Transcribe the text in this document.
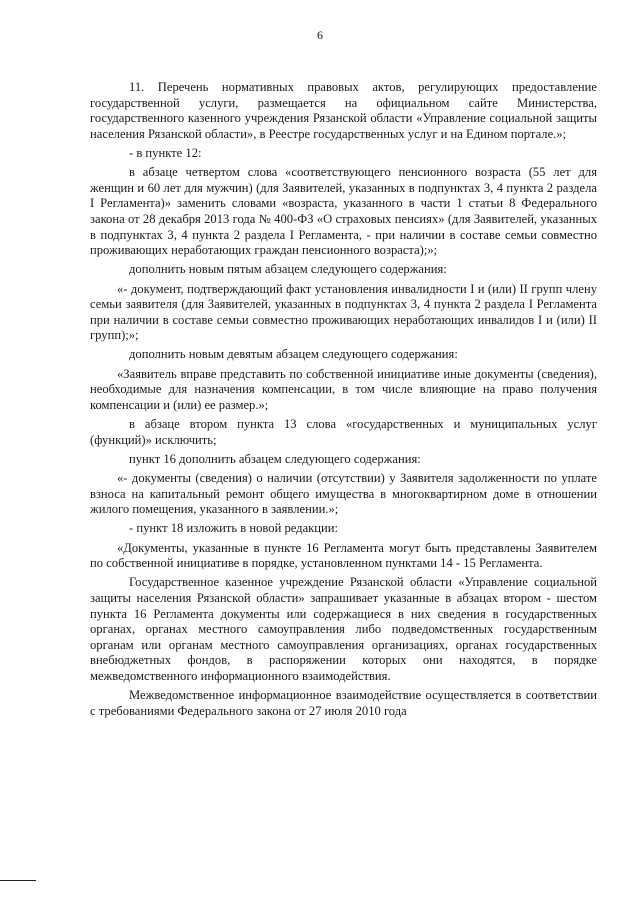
6

11. Перечень нормативных правовых актов, регулирующих предоставление государственной услуги, размещается на официальном сайте Министерства, государственного казенного учреждения Рязанской области «Управление социальной защиты населения Рязанской области», в Реестре государственных услуг и на Едином портале.»;

- в пункте 12:

в абзаце четвертом слова «соответствующего пенсионного возраста (55 лет для женщин и 60 лет для мужчин) (для Заявителей, указанных в подпунктах 3, 4 пункта 2 раздела I Регламента)» заменить словами «возраста, указанного в части 1 статьи 8 Федерального закона от 28 декабря 2013 года № 400-ФЗ «О страховых пенсиях» (для Заявителей, указанных в подпунктах 3, 4 пункта 2 раздела I Регламента, - при наличии в составе семьи совместно проживающих неработающих граждан пенсионного возраста);»;

дополнить новым пятым абзацем следующего содержания:

«- документ, подтверждающий факт установления инвалидности I и (или) II групп члену семьи заявителя (для Заявителей, указанных в подпунктах 3, 4 пункта 2 раздела I Регламента при наличии в составе семьи совместно проживающих неработающих инвалидов I и (или) II групп);»;

дополнить новым девятым абзацем следующего содержания:

«Заявитель вправе представить по собственной инициативе иные документы (сведения), необходимые для назначения компенсации, в том числе влияющие на право получения компенсации и (или) ее размер.»;

в абзаце втором пункта 13 слова «государственных и муниципальных услуг (функций)» исключить;

пункт 16 дополнить абзацем следующего содержания:

«- документы (сведения) о наличии (отсутствии) у Заявителя задолженности по уплате взноса на капитальный ремонт общего имущества в многоквартирном доме в отношении жилого помещения, указанного в заявлении.»;

- пункт 18 изложить в новой редакции:

«Документы, указанные в пункте 16 Регламента могут быть представлены Заявителем по собственной инициативе в порядке, установленном пунктами 14 - 15 Регламента.

Государственное казенное учреждение Рязанской области «Управление социальной защиты населения Рязанской области» запрашивает указанные в абзацах втором - шестом пункта 16 Регламента документы или содержащиеся в них сведения в государственных органах, органах местного самоуправления либо подведомственных государственным органам или органам местного самоуправления организациях, органах государственных внебюджетных фондов, в распоряжении которых они находятся, в порядке межведомственного информационного взаимодействия.

Межведомственное информационное взаимодействие осуществляется в соответствии с требованиями Федерального закона от 27 июля 2010 года
